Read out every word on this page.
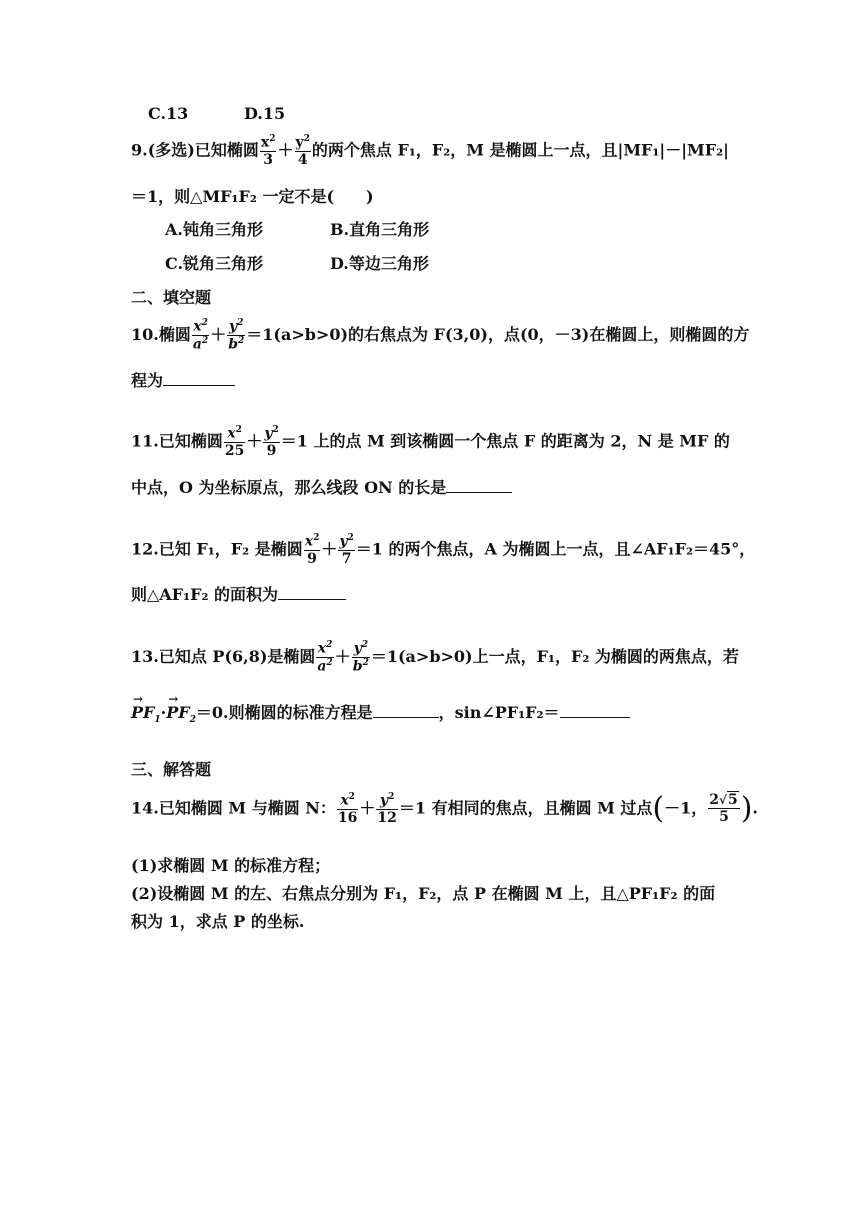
C.13	D.15
9.(多选)已知椭圆 $\frac{x^2}{3} + \frac{y^2}{4}$ 的两个焦点 F₁，F₂，M 是椭圆上一点，且|MF₁|－|MF₂|
＝1，则△MF₁F₂ 一定不是(　　)
A.钝角三角形	B.直角三角形
C.锐角三角形	D.等边三角形
二、填空题
10.椭圆 $\frac{x^2}{a^2} + \frac{y^2}{b^2} =1(a>b>0)$的右焦点为 F(3,0)，点(0，－3)在椭圆上，则椭圆的方
程为
11.已知椭圆 $\frac{x^2}{25} + \frac{y^2}{9} =1$ 上的点 M 到该椭圆一个焦点 F 的距离为 2，N 是 MF 的
中点，O 为坐标原点，那么线段 ON 的长是
12.已知 F₁，F₂ 是椭圆 $\frac{x^2}{9} + \frac{y^2}{7} =1$ 的两个焦点，A 为椭圆上一点，且∠AF₁F₂＝45°，
则△AF₁F₂ 的面积为
13.已知点 P(6,8)是椭圆 $\frac{x^2}{a^2} + \frac{y^2}{b^2} =1(a>b>0)$上一点，F₁，F₂ 为椭圆的两焦点，若
→ $PF_1\cdot\to PF_2=0$.则椭圆的标准方程是	，sin∠PF₁F₂＝
三、解答题
14.已知椭圆 M 与椭圆 N： $\frac{x^2}{16} + \frac{y^2}{12} =1$ 有相同的焦点，且椭圆 M 过点(－1， $\frac{2√5}{5}$ ).
(1)求椭圆 M 的标准方程；
(2)设椭圆 M 的左、右焦点分别为 F₁，F₂，点 P 在椭圆 M 上，且△PF₁F₂ 的面
积为 1，求点 P 的坐标.
